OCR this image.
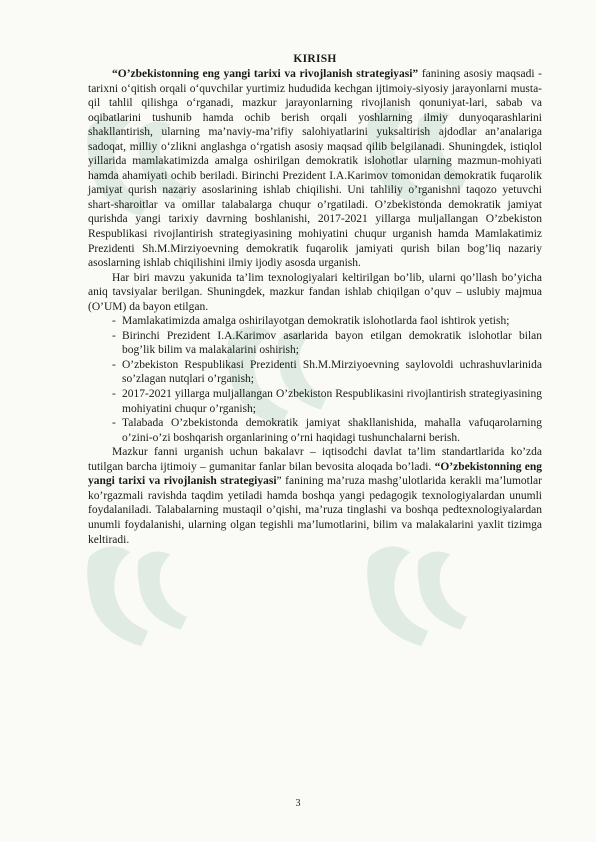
KIRISH

“O’zbekistonning eng yangi tarixi va rivojlanish strategiyasi” fanining asosiy maqsadi - tarixni o‘qitish orqali o‘quvchilar yurtimiz hududida kechgan ijtimoiy-siyosiy jarayonlarni musta-qil tahlil qilishga o‘rganadi, mazkur jarayonlarning rivojlanish qonuniyat-lari, sabab va oqibatlarini tushunib hamda ochib berish orqali yoshlarning ilmiy dunyoqarashlarini shakllantirish, ularning ma’naviy-ma’rifiy salohiyatlarini yuksaltirish ajdodlar an’analariga sadoqat, milliy o‘zlikni anglashga o‘rgatish asosiy maqsad qilib belgilanadi. Shuningdek, istiqlol yillarida mamlakatimizda amalga oshirilgan demokratik islohotlar ularning mazmun-mohiyati hamda ahamiyati ochib beriladi. Birinchi Prezident I.A.Karimov tomonidan demokratik fuqarolik jamiyat qurish nazariy asoslarining ishlab chiqilishi. Uni tahliliy o’rganishni taqozo yetuvchi shart-sharoitlar va omillar talabalarga chuqur o’rgatiladi. O’zbekistonda demokratik jamiyat qurishda yangi tarixiy davrning boshlanishi, 2017-2021 yillarga muljallangan O’zbekiston Respublikasi rivojlantirish strategiyasining mohiyatini chuqur urganish hamda Mamlakatimiz Prezidenti Sh.M.Mirziyoevning demokratik fuqarolik jamiyati qurish bilan bog’liq nazariy asoslarning ishlab chiqilishini ilmiy ijodiy asosda urganish.

Har biri mavzu yakunida ta’lim texnologiyalari keltirilgan bo’lib, ularni qo’llash bo’yicha aniq tavsiyalar berilgan. Shuningdek, mazkur fandan ishlab chiqilgan o’quv – uslubiy majmua (O’UM) da bayon etilgan.

- Mamlakatimizda amalga oshirilayotgan demokratik islohotlarda faol ishtirok yetish;
- Birinchi Prezident I.A.Karimov asarlarida bayon etilgan demokratik islohotlar bilan bog’lik bilim va malakalarini oshirish;
- O’zbekiston Respublikasi Prezidenti Sh.M.Mirziyoevning saylovoldi uchrashuvlarinida so’zlagan nutqlari o’rganish;
- 2017-2021 yillarga muljallangan O’zbekiston Respublikasini rivojlantirish strategiyasining mohiyatini chuqur o’rganish;
- Talabada O’zbekistonda demokratik jamiyat shakllanishida, mahalla vafuqarolarning o’zini-o’zi boshqarish organlarining o’rni haqidagi tushunchalarni berish.

Mazkur fanni urganish uchun bakalavr – iqtisodchi davlat ta’lim standartlarida ko’zda tutilgan barcha ijtimoiy – gumanitar fanlar bilan bevosita aloqada bo’ladi. “O’zbekistonning eng yangi tarixi va rivojlanish strategiyasi” fanining ma’ruza mashg’ulotlarida kerakli ma’lumotlar ko’rgazmali ravishda taqdim yetiladi hamda boshqa yangi pedagogik texnologiyalardan unumli foydalaniladi. Talabalarning mustaqil o’qishi, ma’ruza tinglashi va boshqa pedtexnologiyalardan unumli foydalanishi, ularning olgan tegishli ma’lumotlarini, bilim va malakalarini yaxlit tizimga keltiradi.

3
